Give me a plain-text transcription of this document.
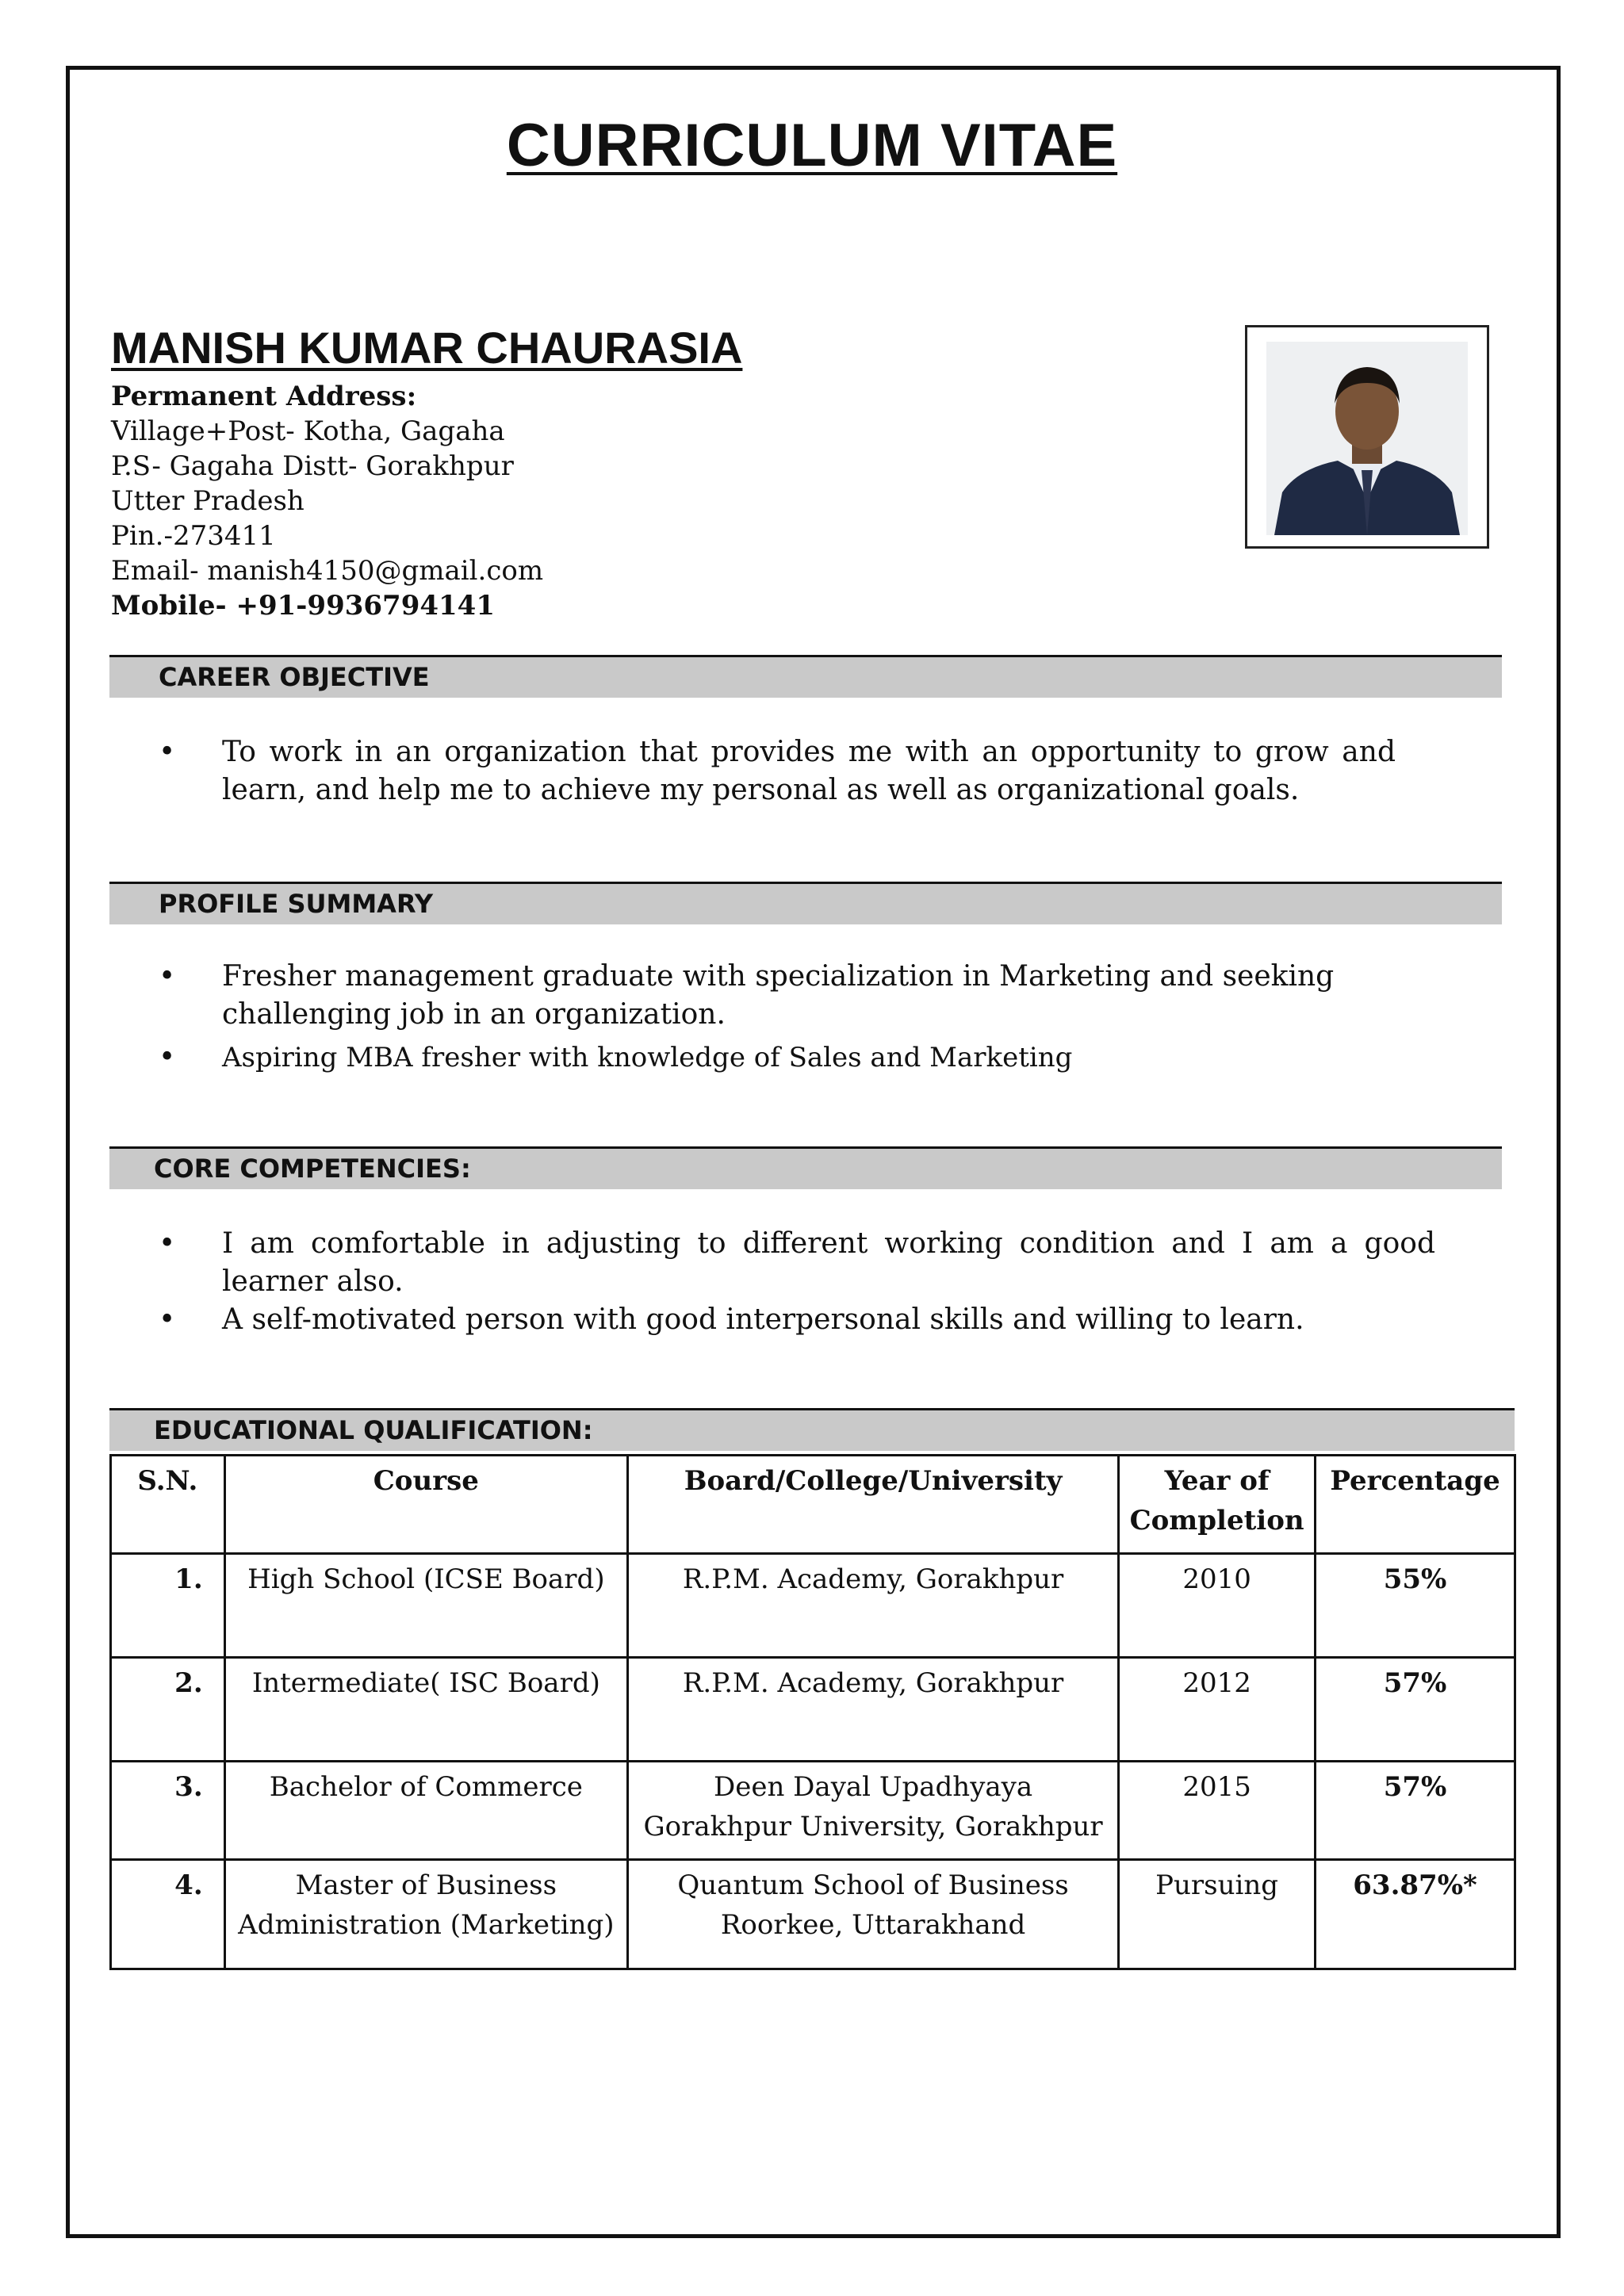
CURRICULUM VITAE
MANISH KUMAR CHAURASIA
Permanent Address:
Village+Post- Kotha, Gagaha
P.S- Gagaha Distt- Gorakhpur
Utter Pradesh
Pin.-273411
Email- manish4150@gmail.com
Mobile- +91-9936794141
CAREER OBJECTIVE
• To work in an organization that provides me with an opportunity to grow and learn, and help me to achieve my personal as well as organizational goals.
PROFILE SUMMARY
• Fresher management graduate with specialization in Marketing and seeking challenging job in an organization.
• Aspiring MBA fresher with knowledge of Sales and Marketing
CORE COMPETENCIES:
• I am comfortable in adjusting to different working condition and I am a good learner also.
• A self-motivated person with good interpersonal skills and willing to learn.
EDUCATIONAL QUALIFICATION:
S.N.	Course	Board/College/University	Year of Completion	Percentage
1.	High School (ICSE Board)	R.P.M. Academy, Gorakhpur	2010	55%
2.	Intermediate( ISC Board)	R.P.M. Academy, Gorakhpur	2012	57%
3.	Bachelor of Commerce	Deen Dayal Upadhyaya Gorakhpur University, Gorakhpur	2015	57%
4.	Master of Business Administration (Marketing)	Quantum School of Business Roorkee, Uttarakhand	Pursuing	63.87%*
